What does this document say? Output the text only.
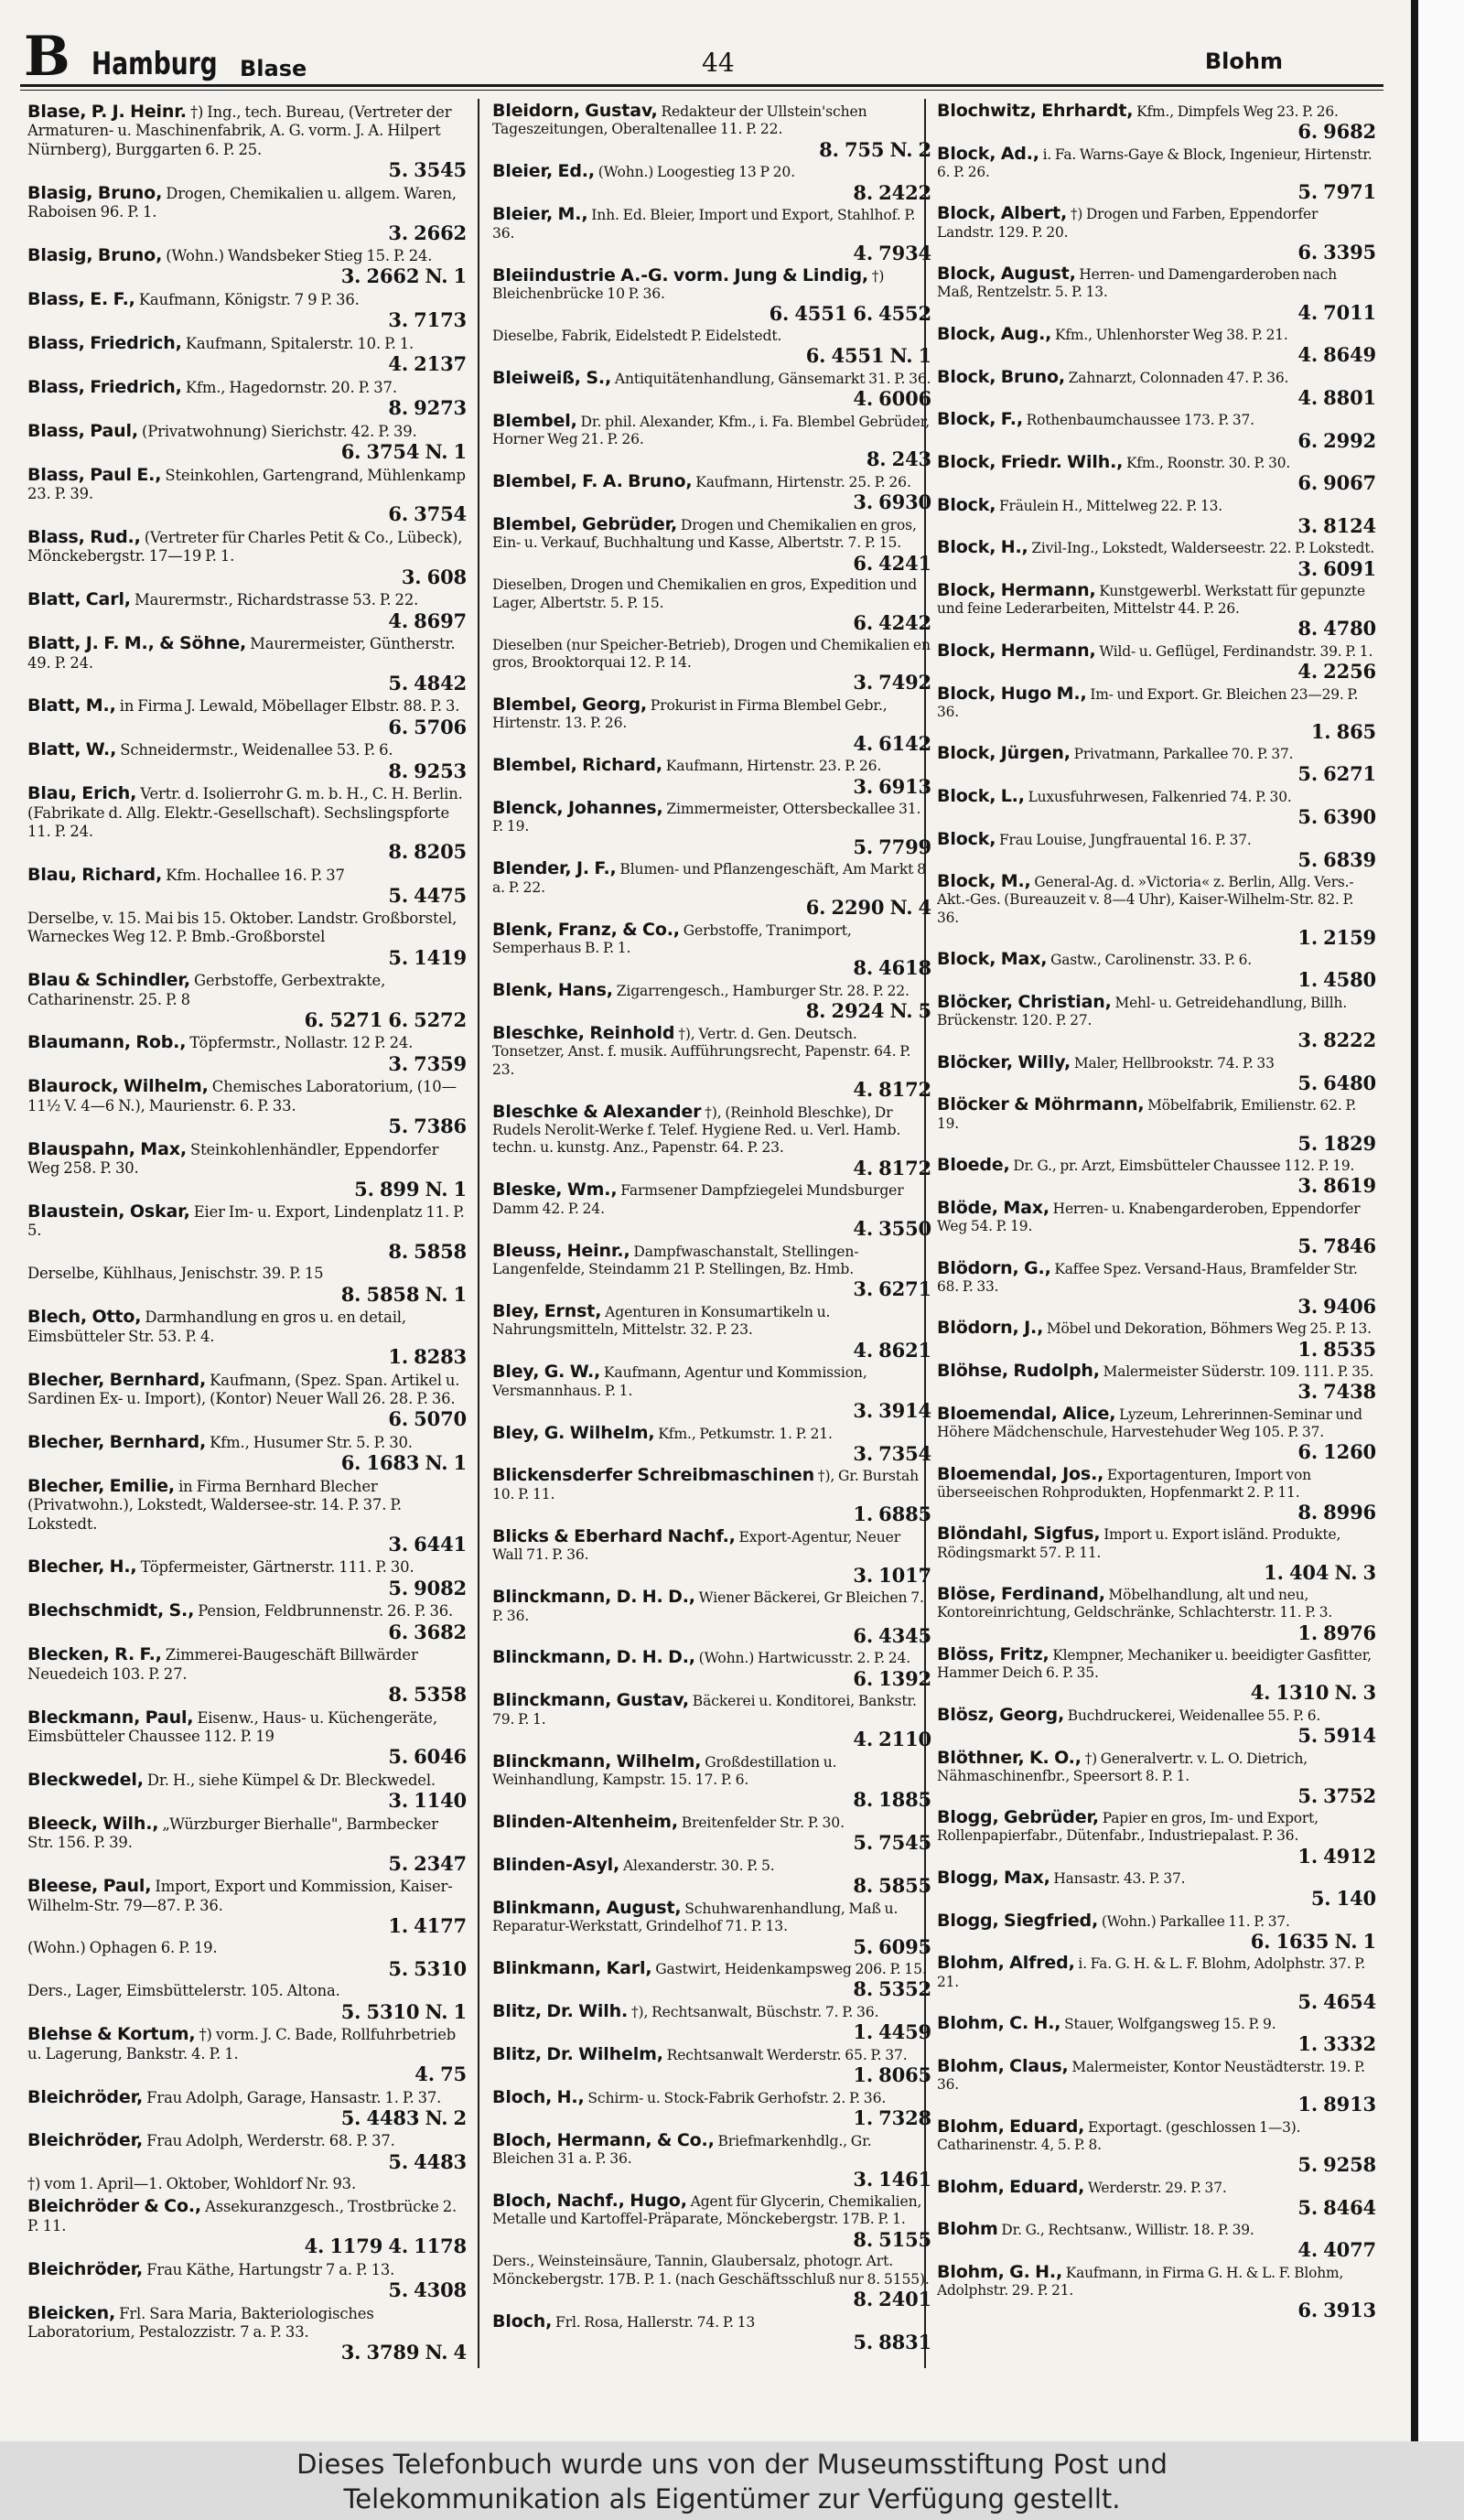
B Hamburg Blase	44	Blohm
Blase, P. J. Heinr. †) Ing., tech. Bureau, (Vertreter der Armaturen- u. Maschinenfabrik, A. G. vorm. J. A. Hilpert Nürnberg), Burggarten 6. P. 25.
5. 3545
Blasig, Bruno, Drogen, Chemikalien u. allgem. Waren, Raboisen 96. P. 1.
3. 2662
Blasig, Bruno, (Wohn.) Wandsbeker Stieg 15. P. 24.
3. 2662 N. 1
Blass, E. F., Kaufmann, Königstr. 7 9 P. 36.
3. 7173
Blass, Friedrich, Kaufmann, Spitalerstr. 10. P. 1.
4. 2137
Blass, Friedrich, Kfm., Hagedornstr. 20. P. 37.
8. 9273
Blass, Paul, (Privatwohnung) Sierichstr. 42. P. 39.
6. 3754 N. 1
Blass, Paul E., Steinkohlen, Gartengrand, Mühlenkamp 23. P. 39.
6. 3754
Blass, Rud., (Vertreter für Charles Petit & Co., Lübeck), Mönckebergstr. 17—19 P. 1.
3. 608
Blatt, Carl, Maurermstr., Richardstrasse 53. P. 22.
4. 8697
Blatt, J. F. M., & Söhne, Maurermeister, Güntherstr. 49. P. 24.
5. 4842
Blatt, M., in Firma J. Lewald, Möbellager Elbstr. 88. P. 3.
6. 5706
Blatt, W., Schneidermstr., Weidenallee 53. P. 6.
8. 9253
Blau, Erich, Vertr. d. Isolierrohr G. m. b. H., C. H. Berlin. (Fabrikate d. Allg. Elektr.-Gesellschaft). Sechslingspforte 11. P. 24.
8. 8205
Blau, Richard, Kfm. Hochallee 16. P. 37
5. 4475
Derselbe, v. 15. Mai bis 15. Oktober. Landstr. Großborstel, Warneckes Weg 12. P. Bmb.-Großborstel
5. 1419
Blau & Schindler, Gerbstoffe, Gerbextrakte, Catharinenstr. 25. P. 8
6. 5271 6. 5272
Blaumann, Rob., Töpfermstr., Nollastr. 12 P. 24.
3. 7359
Blaurock, Wilhelm, Chemisches Laboratorium, (10—11½ V. 4—6 N.), Maurienstr. 6. P. 33.
5. 7386
Blauspahn, Max, Steinkohlenhändler, Eppendorfer Weg 258. P. 30.
5. 899 N. 1
Blaustein, Oskar, Eier Im- u. Export, Lindenplatz 11. P. 5.
8. 5858
Derselbe, Kühlhaus, Jenischstr. 39. P. 15
8. 5858 N. 1
Blech, Otto, Darmhandlung en gros u. en detail, Eimsbütteler Str. 53. P. 4.
1. 8283
Blecher, Bernhard, Kaufmann, (Spez. Span. Artikel u. Sardinen Ex- u. Import), (Kontor) Neuer Wall 26. 28. P. 36.
6. 5070
Blecher, Bernhard, Kfm., Husumer Str. 5. P. 30.
6. 1683 N. 1
Blecher, Emilie, in Firma Bernhard Blecher (Privatwohn.), Lokstedt, Waldersee-str. 14. P. 37. P. Lokstedt.
3. 6441
Blecher, H., Töpfermeister, Gärtnerstr. 111. P. 30.
5. 9082
Blechschmidt, S., Pension, Feldbrunnenstr. 26. P. 36.
6. 3682
Blecken, R. F., Zimmerei-Baugeschäft Billwärder Neuedeich 103. P. 27.
8. 5358
Bleckmann, Paul, Eisenw., Haus- u. Küchengeräte, Eimsbütteler Chaussee 112. P. 19
5. 6046
Bleckwedel, Dr. H., siehe Kümpel & Dr. Bleckwedel.
3. 1140
Bleeck, Wilh., „Würzburger Bierhalle", Barmbecker Str. 156. P. 39.
5. 2347
Bleese, Paul, Import, Export und Kommission, Kaiser-Wilhelm-Str. 79—87. P. 36.
1. 4177
(Wohn.) Ophagen 6. P. 19.
5. 5310
Ders., Lager, Eimsbüttelerstr. 105. Altona.
5. 5310 N. 1
Blehse & Kortum, †) vorm. J. C. Bade, Rollfuhrbetrieb u. Lagerung, Bankstr. 4. P. 1.
4. 75
Bleichröder, Frau Adolph, Garage, Hansastr. 1. P. 37.
5. 4483 N. 2
Bleichröder, Frau Adolph, Werderstr. 68. P. 37.
5. 4483
†) vom 1. April—1. Oktober, Wohldorf Nr. 93.
Bleichröder & Co., Assekuranzgesch., Trostbrücke 2. P. 11.
4. 1179 4. 1178
Bleichröder, Frau Käthe, Hartungstr 7 a. P. 13.
5. 4308
Bleicken, Frl. Sara Maria, Bakteriologisches Laboratorium, Pestalozzistr. 7 a. P. 33.
3. 3789 N. 4
Bleidorn, Gustav, Redakteur der Ullstein'schen Tageszeitungen, Oberaltenallee 11. P. 22.
8. 755 N. 2
Bleier, Ed., (Wohn.) Loogestieg 13 P 20.
8. 2422
Bleier, M., Inh. Ed. Bleier, Import und Export, Stahlhof. P. 36.
4. 7934
Bleiindustrie A.-G. vorm. Jung & Lindig, †) Bleichenbrücke 10 P. 36.
6. 4551 6. 4552
Dieselbe, Fabrik, Eidelstedt P. Eidelstedt.
6. 4551 N. 1
Bleiweiß, S., Antiquitätenhandlung, Gänsemarkt 31. P. 36.
4. 6006
Blembel, Dr. phil. Alexander, Kfm., i. Fa. Blembel Gebrüder, Horner Weg 21. P. 26.
8. 243
Blembel, F. A. Bruno, Kaufmann, Hirtenstr. 25. P. 26.
3. 6930
Blembel, Gebrüder, Drogen und Chemikalien en gros, Ein- u. Verkauf, Buchhaltung und Kasse, Albertstr. 7. P. 15.
6. 4241
Dieselben, Drogen und Chemikalien en gros, Expedition und Lager, Albertstr. 5. P. 15.
6. 4242
Dieselben (nur Speicher-Betrieb), Drogen und Chemikalien en gros, Brooktorquai 12. P. 14.
3. 7492
Blembel, Georg, Prokurist in Firma Blembel Gebr., Hirtenstr. 13. P. 26.
4. 6142
Blembel, Richard, Kaufmann, Hirtenstr. 23. P. 26.
3. 6913
Blenck, Johannes, Zimmermeister, Ottersbeckallee 31. P. 19.
5. 7799
Blender, J. F., Blumen- und Pflanzengeschäft, Am Markt 8 a. P. 22.
6. 2290 N. 4
Blenk, Franz, & Co., Gerbstoffe, Tranimport, Semperhaus B. P. 1.
8. 4618
Blenk, Hans, Zigarrengesch., Hamburger Str. 28. P. 22.
8. 2924 N. 5
Bleschke, Reinhold †), Vertr. d. Gen. Deutsch. Tonsetzer, Anst. f. musik. Aufführungsrecht, Papenstr. 64. P. 23.
4. 8172
Bleschke & Alexander †), (Reinhold Bleschke), Dr Rudels Nerolit-Werke f. Telef. Hygiene Red. u. Verl. Hamb. techn. u. kunstg. Anz., Papenstr. 64. P. 23.
4. 8172
Bleske, Wm., Farmsener Dampfziegelei Mundsburger Damm 42. P. 24.
4. 3550
Bleuss, Heinr., Dampfwaschanstalt, Stellingen-Langenfelde, Steindamm 21 P. Stellingen, Bz. Hmb.
3. 6271
Bley, Ernst, Agenturen in Konsumartikeln u. Nahrungsmitteln, Mittelstr. 32. P. 23.
4. 8621
Bley, G. W., Kaufmann, Agentur und Kommission, Versmannhaus. P. 1.
3. 3914
Bley, G. Wilhelm, Kfm., Petkumstr. 1. P. 21.
3. 7354
Blickensderfer Schreibmaschinen †), Gr. Burstah 10. P. 11.
1. 6885
Blicks & Eberhard Nachf., Export-Agentur, Neuer Wall 71. P. 36.
3. 1017
Blinckmann, D. H. D., Wiener Bäckerei, Gr Bleichen 7. P. 36.
6. 4345
Blinckmann, D. H. D., (Wohn.) Hartwicusstr. 2. P. 24.
6. 1392
Blinckmann, Gustav, Bäckerei u. Konditorei, Bankstr. 79. P. 1.
4. 2110
Blinckmann, Wilhelm, Großdestillation u. Weinhandlung, Kampstr. 15. 17. P. 6.
8. 1885
Blinden-Altenheim, Breitenfelder Str. P. 30.
5. 7545
Blinden-Asyl, Alexanderstr. 30. P. 5.
8. 5855
Blinkmann, August, Schuhwarenhandlung, Maß u. Reparatur-Werkstatt, Grindelhof 71. P. 13.
5. 6095
Blinkmann, Karl, Gastwirt, Heidenkampsweg 206. P. 15.
8. 5352
Blitz, Dr. Wilh. †), Rechtsanwalt, Büschstr. 7. P. 36.
1. 4459
Blitz, Dr. Wilhelm, Rechtsanwalt Werderstr. 65. P. 37.
1. 8065
Bloch, H., Schirm- u. Stock-Fabrik Gerhofstr. 2. P. 36.
1. 7328
Bloch, Hermann, & Co., Briefmarkenhdlg., Gr. Bleichen 31 a. P. 36.
3. 1461
Bloch, Nachf., Hugo, Agent für Glycerin, Chemikalien, Metalle und Kartoffel-Präparate, Mönckebergstr. 17B. P. 1.
8. 5155
Ders., Weinsteinsäure, Tannin, Glaubersalz, photogr. Art. Mönckebergstr. 17B. P. 1. (nach Geschäftsschluß nur 8. 5155).
8. 2401
Bloch, Frl. Rosa, Hallerstr. 74. P. 13
5. 8831
Blochwitz, Ehrhardt, Kfm., Dimpfels Weg 23. P. 26.
6. 9682
Block, Ad., i. Fa. Warns-Gaye & Block, Ingenieur, Hirtenstr. 6. P. 26.
5. 7971
Block, Albert, †) Drogen und Farben, Eppendorfer Landstr. 129. P. 20.
6. 3395
Block, August, Herren- und Damengarderoben nach Maß, Rentzelstr. 5. P. 13.
4. 7011
Block, Aug., Kfm., Uhlenhorster Weg 38. P. 21.
4. 8649
Block, Bruno, Zahnarzt, Colonnaden 47. P. 36.
4. 8801
Block, F., Rothenbaumchaussee 173. P. 37.
6. 2992
Block, Friedr. Wilh., Kfm., Roonstr. 30. P. 30.
6. 9067
Block, Fräulein H., Mittelweg 22. P. 13.
3. 8124
Block, H., Zivil-Ing., Lokstedt, Walderseestr. 22. P. Lokstedt.
3. 6091
Block, Hermann, Kunstgewerbl. Werkstatt für gepunzte und feine Lederarbeiten, Mittelstr 44. P. 26.
8. 4780
Block, Hermann, Wild- u. Geflügel, Ferdinandstr. 39. P. 1.
4. 2256
Block, Hugo M., Im- und Export. Gr. Bleichen 23—29. P. 36.
1. 865
Block, Jürgen, Privatmann, Parkallee 70. P. 37.
5. 6271
Block, L., Luxusfuhrwesen, Falkenried 74. P. 30.
5. 6390
Block, Frau Louise, Jungfrauental 16. P. 37.
5. 6839
Block, M., General-Ag. d. »Victoria« z. Berlin, Allg. Vers.-Akt.-Ges. (Bureauzeit v. 8—4 Uhr), Kaiser-Wilhelm-Str. 82. P. 36.
1. 2159
Block, Max, Gastw., Carolinenstr. 33. P. 6.
1. 4580
Blöcker, Christian, Mehl- u. Getreidehandlung, Billh. Brückenstr. 120. P. 27.
3. 8222
Blöcker, Willy, Maler, Hellbrookstr. 74. P. 33
5. 6480
Blöcker & Möhrmann, Möbelfabrik, Emilienstr. 62. P. 19.
5. 1829
Bloede, Dr. G., pr. Arzt, Eimsbütteler Chaussee 112. P. 19.
3. 8619
Blöde, Max, Herren- u. Knabengarderoben, Eppendorfer Weg 54. P. 19.
5. 7846
Blödorn, G., Kaffee Spez. Versand-Haus, Bramfelder Str. 68. P. 33.
3. 9406
Blödorn, J., Möbel und Dekoration, Böhmers Weg 25. P. 13.
1. 8535
Blöhse, Rudolph, Malermeister Süderstr. 109. 111. P. 35.
3. 7438
Bloemendal, Alice, Lyzeum, Lehrerinnen-Seminar und Höhere Mädchenschule, Harvestehuder Weg 105. P. 37.
6. 1260
Bloemendal, Jos., Exportagenturen, Import von überseeischen Rohprodukten, Hopfenmarkt 2. P. 11.
8. 8996
Blöndahl, Sigfus, Import u. Export isländ. Produkte, Rödingsmarkt 57. P. 11.
1. 404 N. 3
Blöse, Ferdinand, Möbelhandlung, alt und neu, Kontoreinrichtung, Geldschränke, Schlachterstr. 11. P. 3.
1. 8976
Blöss, Fritz, Klempner, Mechaniker u. beeidigter Gasfitter, Hammer Deich 6. P. 35.
4. 1310 N. 3
Blösz, Georg, Buchdruckerei, Weidenallee 55. P. 6.
5. 5914
Blöthner, K. O., †) Generalvertr. v. L. O. Dietrich, Nähmaschinenfbr., Speersort 8. P. 1.
5. 3752
Blogg, Gebrüder, Papier en gros, Im- und Export, Rollenpapierfabr., Dütenfabr., Industriepalast. P. 36.
1. 4912
Blogg, Max, Hansastr. 43. P. 37.
5. 140
Blogg, Siegfried, (Wohn.) Parkallee 11. P. 37.
6. 1635 N. 1
Blohm, Alfred, i. Fa. G. H. & L. F. Blohm, Adolphstr. 37. P. 21.
5. 4654
Blohm, C. H., Stauer, Wolfgangsweg 15. P. 9.
1. 3332
Blohm, Claus, Malermeister, Kontor Neustädterstr. 19. P. 36.
1. 8913
Blohm, Eduard, Exportagt. (geschlossen 1—3). Catharinenstr. 4, 5. P. 8.
5. 9258
Blohm, Eduard, Werderstr. 29. P. 37.
5. 8464
Blohm Dr. G., Rechtsanw., Willistr. 18. P. 39.
4. 4077
Blohm, G. H., Kaufmann, in Firma G. H. & L. F. Blohm, Adolphstr. 29. P. 21.
6. 3913
Dieses Telefonbuch wurde uns von der Museumsstiftung Post und
Telekommunikation als Eigentümer zur Verfügung gestellt.
